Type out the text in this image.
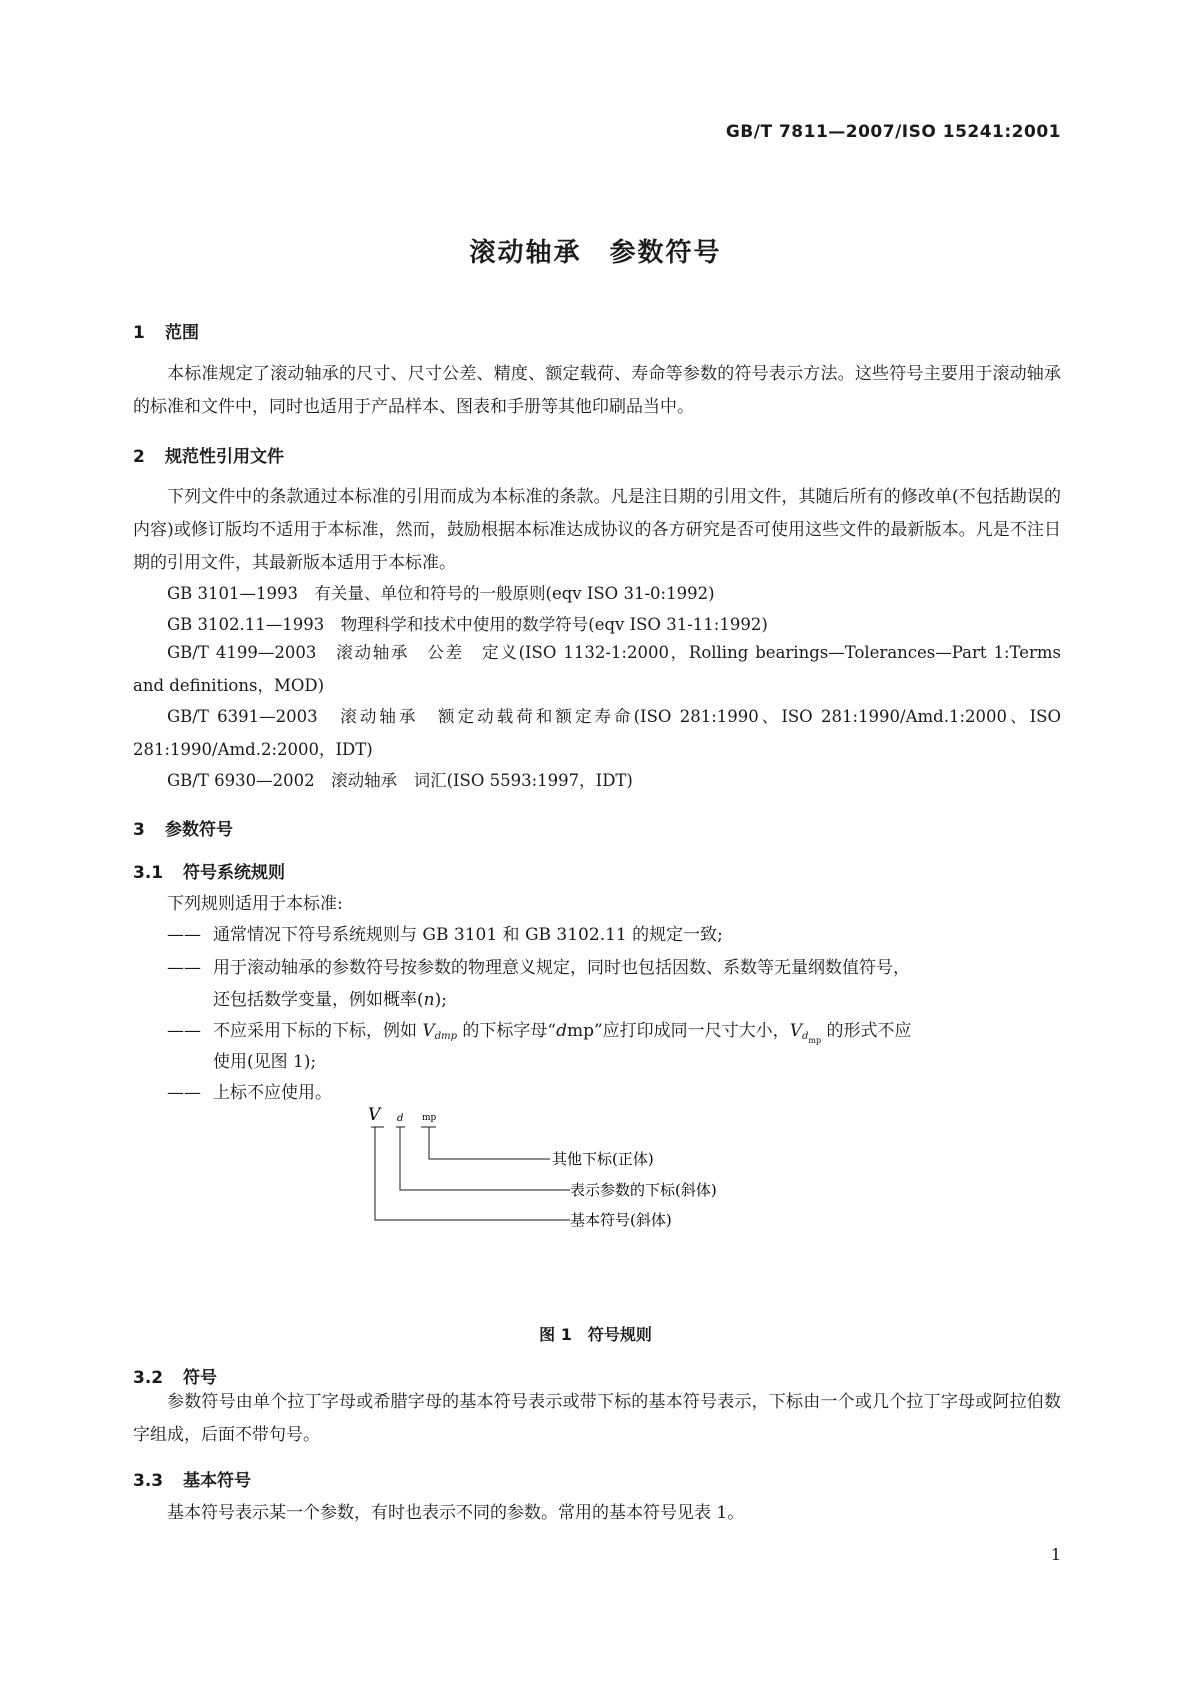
GB/T 7811—2007/ISO 15241:2001
滚动轴承　参数符号
1 范围

本标准规定了滚动轴承的尺寸、尺寸公差、精度、额定载荷、寿命等参数的符号表示方法。这些符号主要用于滚动轴承的标准和文件中，同时也适用于产品样本、图表和手册等其他印刷品当中。

2 规范性引用文件

下列文件中的条款通过本标准的引用而成为本标准的条款。凡是注日期的引用文件，其随后所有的修改单(不包括勘误的内容)或修订版均不适用于本标准，然而，鼓励根据本标准达成协议的各方研究是否可使用这些文件的最新版本。凡是不注日期的引用文件，其最新版本适用于本标准。

GB 3101—1993　有关量、单位和符号的一般原则(eqv ISO 31-0:1992)
GB 3102.11—1993　物理科学和技术中使用的数学符号(eqv ISO 31-11:1992)
GB/T 4199—2003　滚动轴承　公差　定义(ISO 1132-1:2000，Rolling bearings—Tolerances—Part 1:Terms and definitions，MOD)
GB/T 6391—2003　滚动轴承　额定动载荷和额定寿命(ISO 281:1990、ISO 281:1990/Amd.1:2000、ISO 281:1990/Amd.2:2000，IDT)
GB/T 6930—2002　滚动轴承　词汇(ISO 5593:1997，IDT)
3 参数符号
3.1 符号系统规则
下列规则适用于本标准:
—— 通常情况下符号系统规则与 GB 3101 和 GB 3102.11 的规定一致;
—— 用于滚动轴承的参数符号按参数的物理意义规定，同时也包括因数、系数等无量纲数值符号，
还包括数学变量，例如概率(n);
—— 不应采用下标的下标，例如 $V_{dmp}$ 的下标字母“dmp”应打印成同一尺寸大小，$V_{dmp}$ 的形式不应
使用(见图 1);
—— 上标不应使用。
V d mp
其他下标(正体)
表示参数的下标(斜体)
基本符号(斜体)
图 1　符号规则
3.2 符号

参数符号由单个拉丁字母或希腊字母的基本符号表示或带下标的基本符号表示，下标由一个或几个拉丁字母或阿拉伯数字组成，后面不带句号。

3.3 基本符号
基本符号表示某一个参数，有时也表示不同的参数。常用的基本符号见表 1。
1
